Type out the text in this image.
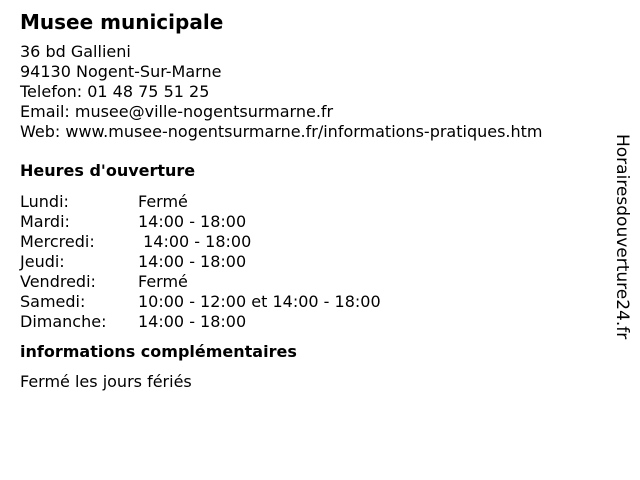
Musee municipale
36 bd Gallieni
94130 Nogent-Sur-Marne
Telefon: 01 48 75 51 25
Email: musee@ville-nogentsurmarne.fr
Web: www.musee-nogentsurmarne.fr/informations-pratiques.htm
Heures d'ouverture
Lundi:	Fermé
Mardi:	14:00 - 18:00
Mercredi:	14:00 - 18:00
Jeudi:	14:00 - 18:00
Vendredi:	Fermé
Samedi:	10:00 - 12:00 et 14:00 - 18:00
Dimanche:	14:00 - 18:00
informations complémentaires
Fermé les jours fériés
Horairesdouverture24.fr
